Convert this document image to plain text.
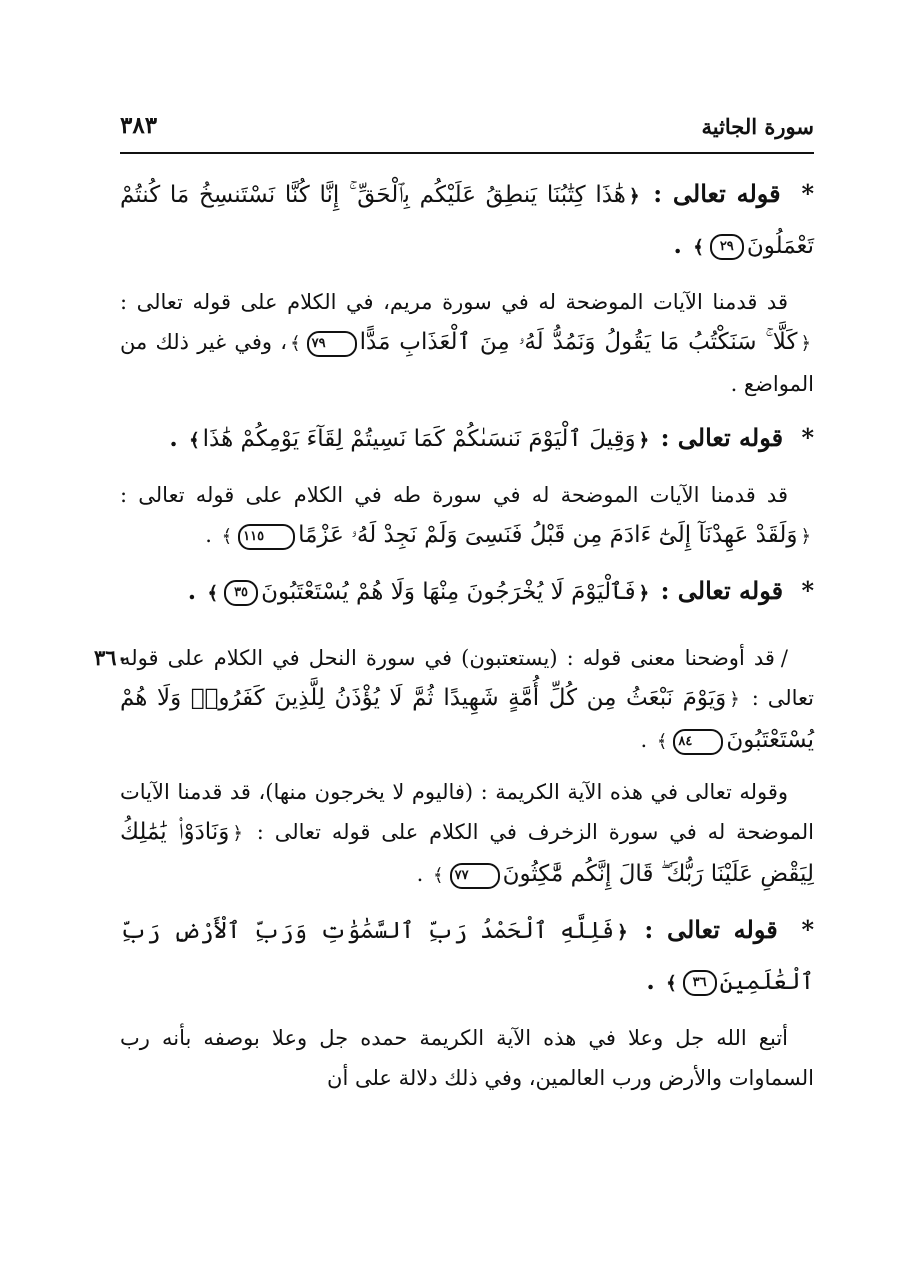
سورة الجاثية
٣٨٣
* قوله تعالى : ﴿هَٰذَا كِتَٰبُنَا يَنطِقُ عَلَيْكُم بِٱلْحَقِّ ۚ إِنَّا كُنَّا نَسْتَنسِخُ مَا كُنتُمْ تَعْمَلُونَ٢٩﴾ .
قد قدمنا الآيات الموضحة له في سورة مريم، في الكلام على قوله تعالى : ﴿كَلَّا ۚ سَنَكْتُبُ مَا يَقُولُ وَنَمُدُّ لَهُۥ مِنَ ٱلْعَذَابِ مَدًّا٧٩﴾، وفي غير ذلك من المواضع .
* قوله تعالى : ﴿وَقِيلَ ٱلْيَوْمَ نَنسَىٰكُمْ كَمَا نَسِيتُمْ لِقَآءَ يَوْمِكُمْ هَٰذَا﴾ .
قد قدمنا الآيات الموضحة له في سورة طه في الكلام على قوله تعالى : ﴿وَلَقَدْ عَهِدْنَآ إِلَىٰٓ ءَادَمَ مِن قَبْلُ فَنَسِىَ وَلَمْ نَجِدْ لَهُۥ عَزْمًا١١٥﴾ .
* قوله تعالى : ﴿فَٱلْيَوْمَ لَا يُخْرَجُونَ مِنْهَا وَلَا هُمْ يُسْتَعْتَبُونَ٣٥﴾ .
٣٦٠	/قد أوضحنا معنى قوله : (يستعتبون) في سورة النحل في الكلام على قوله تعالى : ﴿وَيَوْمَ نَبْعَثُ مِن كُلِّ أُمَّةٍ شَهِيدًا ثُمَّ لَا يُؤْذَنُ لِلَّذِينَ كَفَرُوا۟ وَلَا هُمْ يُسْتَعْتَبُونَ٨٤﴾ .
وقوله تعالى في هذه الآية الكريمة : (فاليوم لا يخرجون منها)، قد قدمنا الآيات الموضحة له في سورة الزخرف في الكلام على قوله تعالى : ﴿وَنَادَوْا۟ يَٰمَٰلِكُ لِيَقْضِ عَلَيْنَا رَبُّكَ ۖ قَالَ إِنَّكُم مَّٰكِثُونَ٧٧﴾ .
* قوله تعالى : ﴿فَلِلَّهِ ٱلْحَمْدُ رَبِّ ٱلسَّمَٰوَٰتِ وَرَبِّ ٱلْأَرْضِ رَبِّ ٱلْعَٰلَمِينَ٣٦﴾ .
أتبع الله جل وعلا في هذه الآية الكريمة حمده جل وعلا بوصفه بأنه رب السماوات والأرض ورب العالمين، وفي ذلك دلالة على أن
